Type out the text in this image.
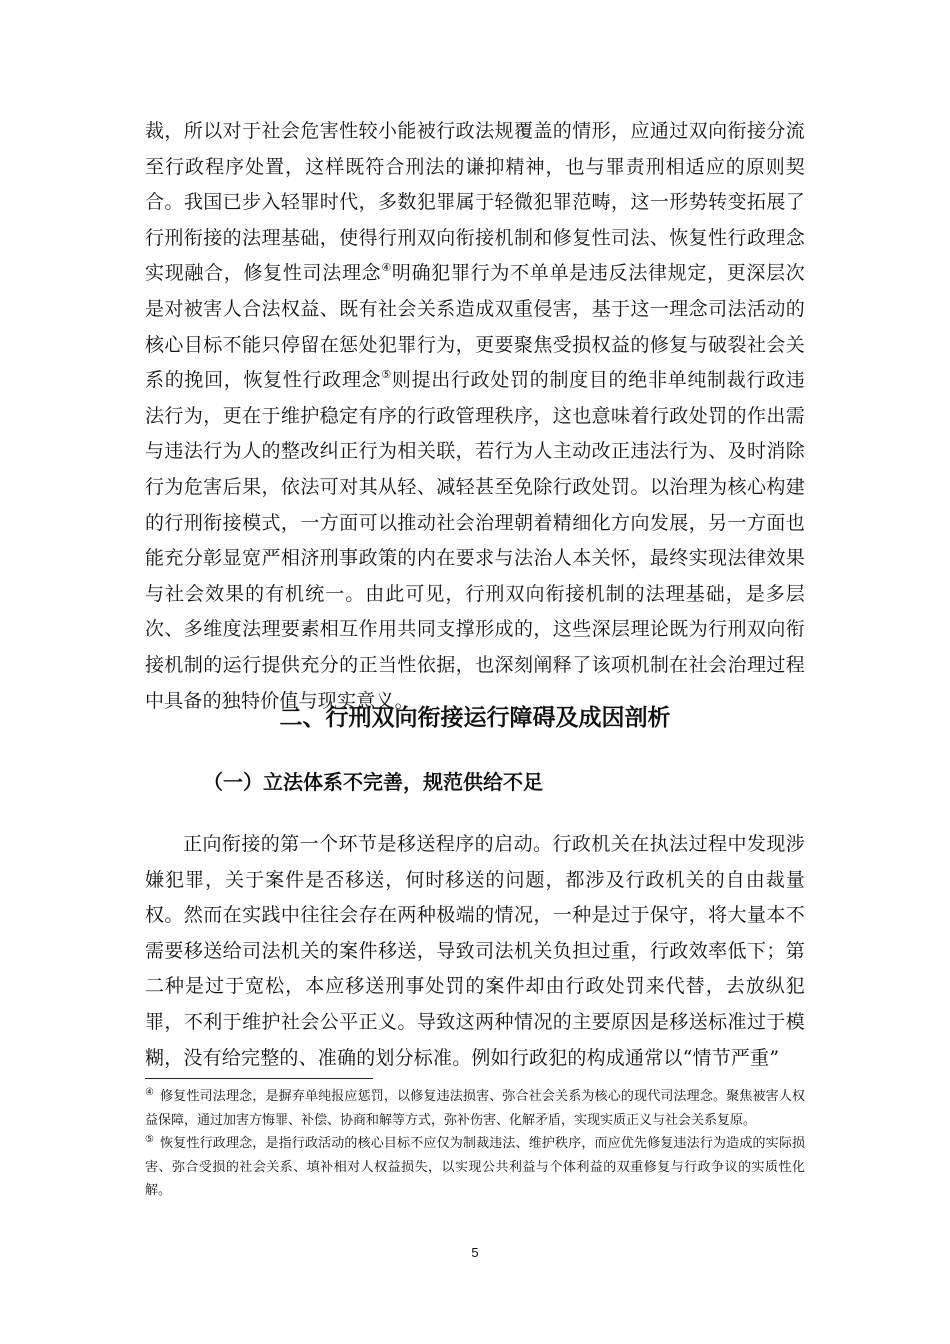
裁，所以对于社会危害性较小能被行政法规覆盖的情形，应通过双向衔接分流至行政程序处置，这样既符合刑法的谦抑精神，也与罪责刑相适应的原则契合。我国已步入轻罪时代，多数犯罪属于轻微犯罪范畴，这一形势转变拓展了行刑衔接的法理基础，使得行刑双向衔接机制和修复性司法、恢复性行政理念实现融合，修复性司法理念④明确犯罪行为不单单是违反法律规定，更深层次是对被害人合法权益、既有社会关系造成双重侵害，基于这一理念司法活动的核心目标不能只停留在惩处犯罪行为，更要聚焦受损权益的修复与破裂社会关系的挽回，恢复性行政理念⑤则提出行政处罚的制度目的绝非单纯制裁行政违法行为，更在于维护稳定有序的行政管理秩序，这也意味着行政处罚的作出需与违法行为人的整改纠正行为相关联，若行为人主动改正违法行为、及时消除行为危害后果，依法可对其从轻、减轻甚至免除行政处罚。以治理为核心构建的行刑衔接模式，一方面可以推动社会治理朝着精细化方向发展，另一方面也能充分彰显宽严相济刑事政策的内在要求与法治人本关怀，最终实现法律效果与社会效果的有机统一。由此可见，行刑双向衔接机制的法理基础，是多层次、多维度法理要素相互作用共同支撑形成的，这些深层理论既为行刑双向衔接机制的运行提供充分的正当性依据，也深刻阐释了该项机制在社会治理过程中具备的独特价值与现实意义。

二、行刑双向衔接运行障碍及成因剖析
（一）立法体系不完善，规范供给不足

正向衔接的第一个环节是移送程序的启动。行政机关在执法过程中发现涉嫌犯罪，关于案件是否移送，何时移送的问题，都涉及行政机关的自由裁量权。然而在实践中往往会存在两种极端的情况，一种是过于保守，将大量本不需要移送给司法机关的案件移送，导致司法机关负担过重，行政效率低下；第二种是过于宽松，本应移送刑事处罚的案件却由行政处罚来代替，去放纵犯罪，不利于维护社会公平正义。导致这两种情况的主要原因是移送标准过于模糊，没有给完整的、准确的划分标准。例如行政犯的构成通常以“情节严重”

④ 修复性司法理念，是摒弃单纯报应惩罚，以修复违法损害、弥合社会关系为核心的现代司法理念。聚焦被害人权益保障，通过加害方悔罪、补偿、协商和解等方式，弥补伤害、化解矛盾，实现实质正义与社会关系复原。

⑤ 恢复性行政理念，是指行政活动的核心目标不应仅为制裁违法、维护秩序，而应优先修复违法行为造成的实际损害、弥合受损的社会关系、填补相对人权益损失，以实现公共利益与个体利益的双重修复与行政争议的实质性化解。

5
